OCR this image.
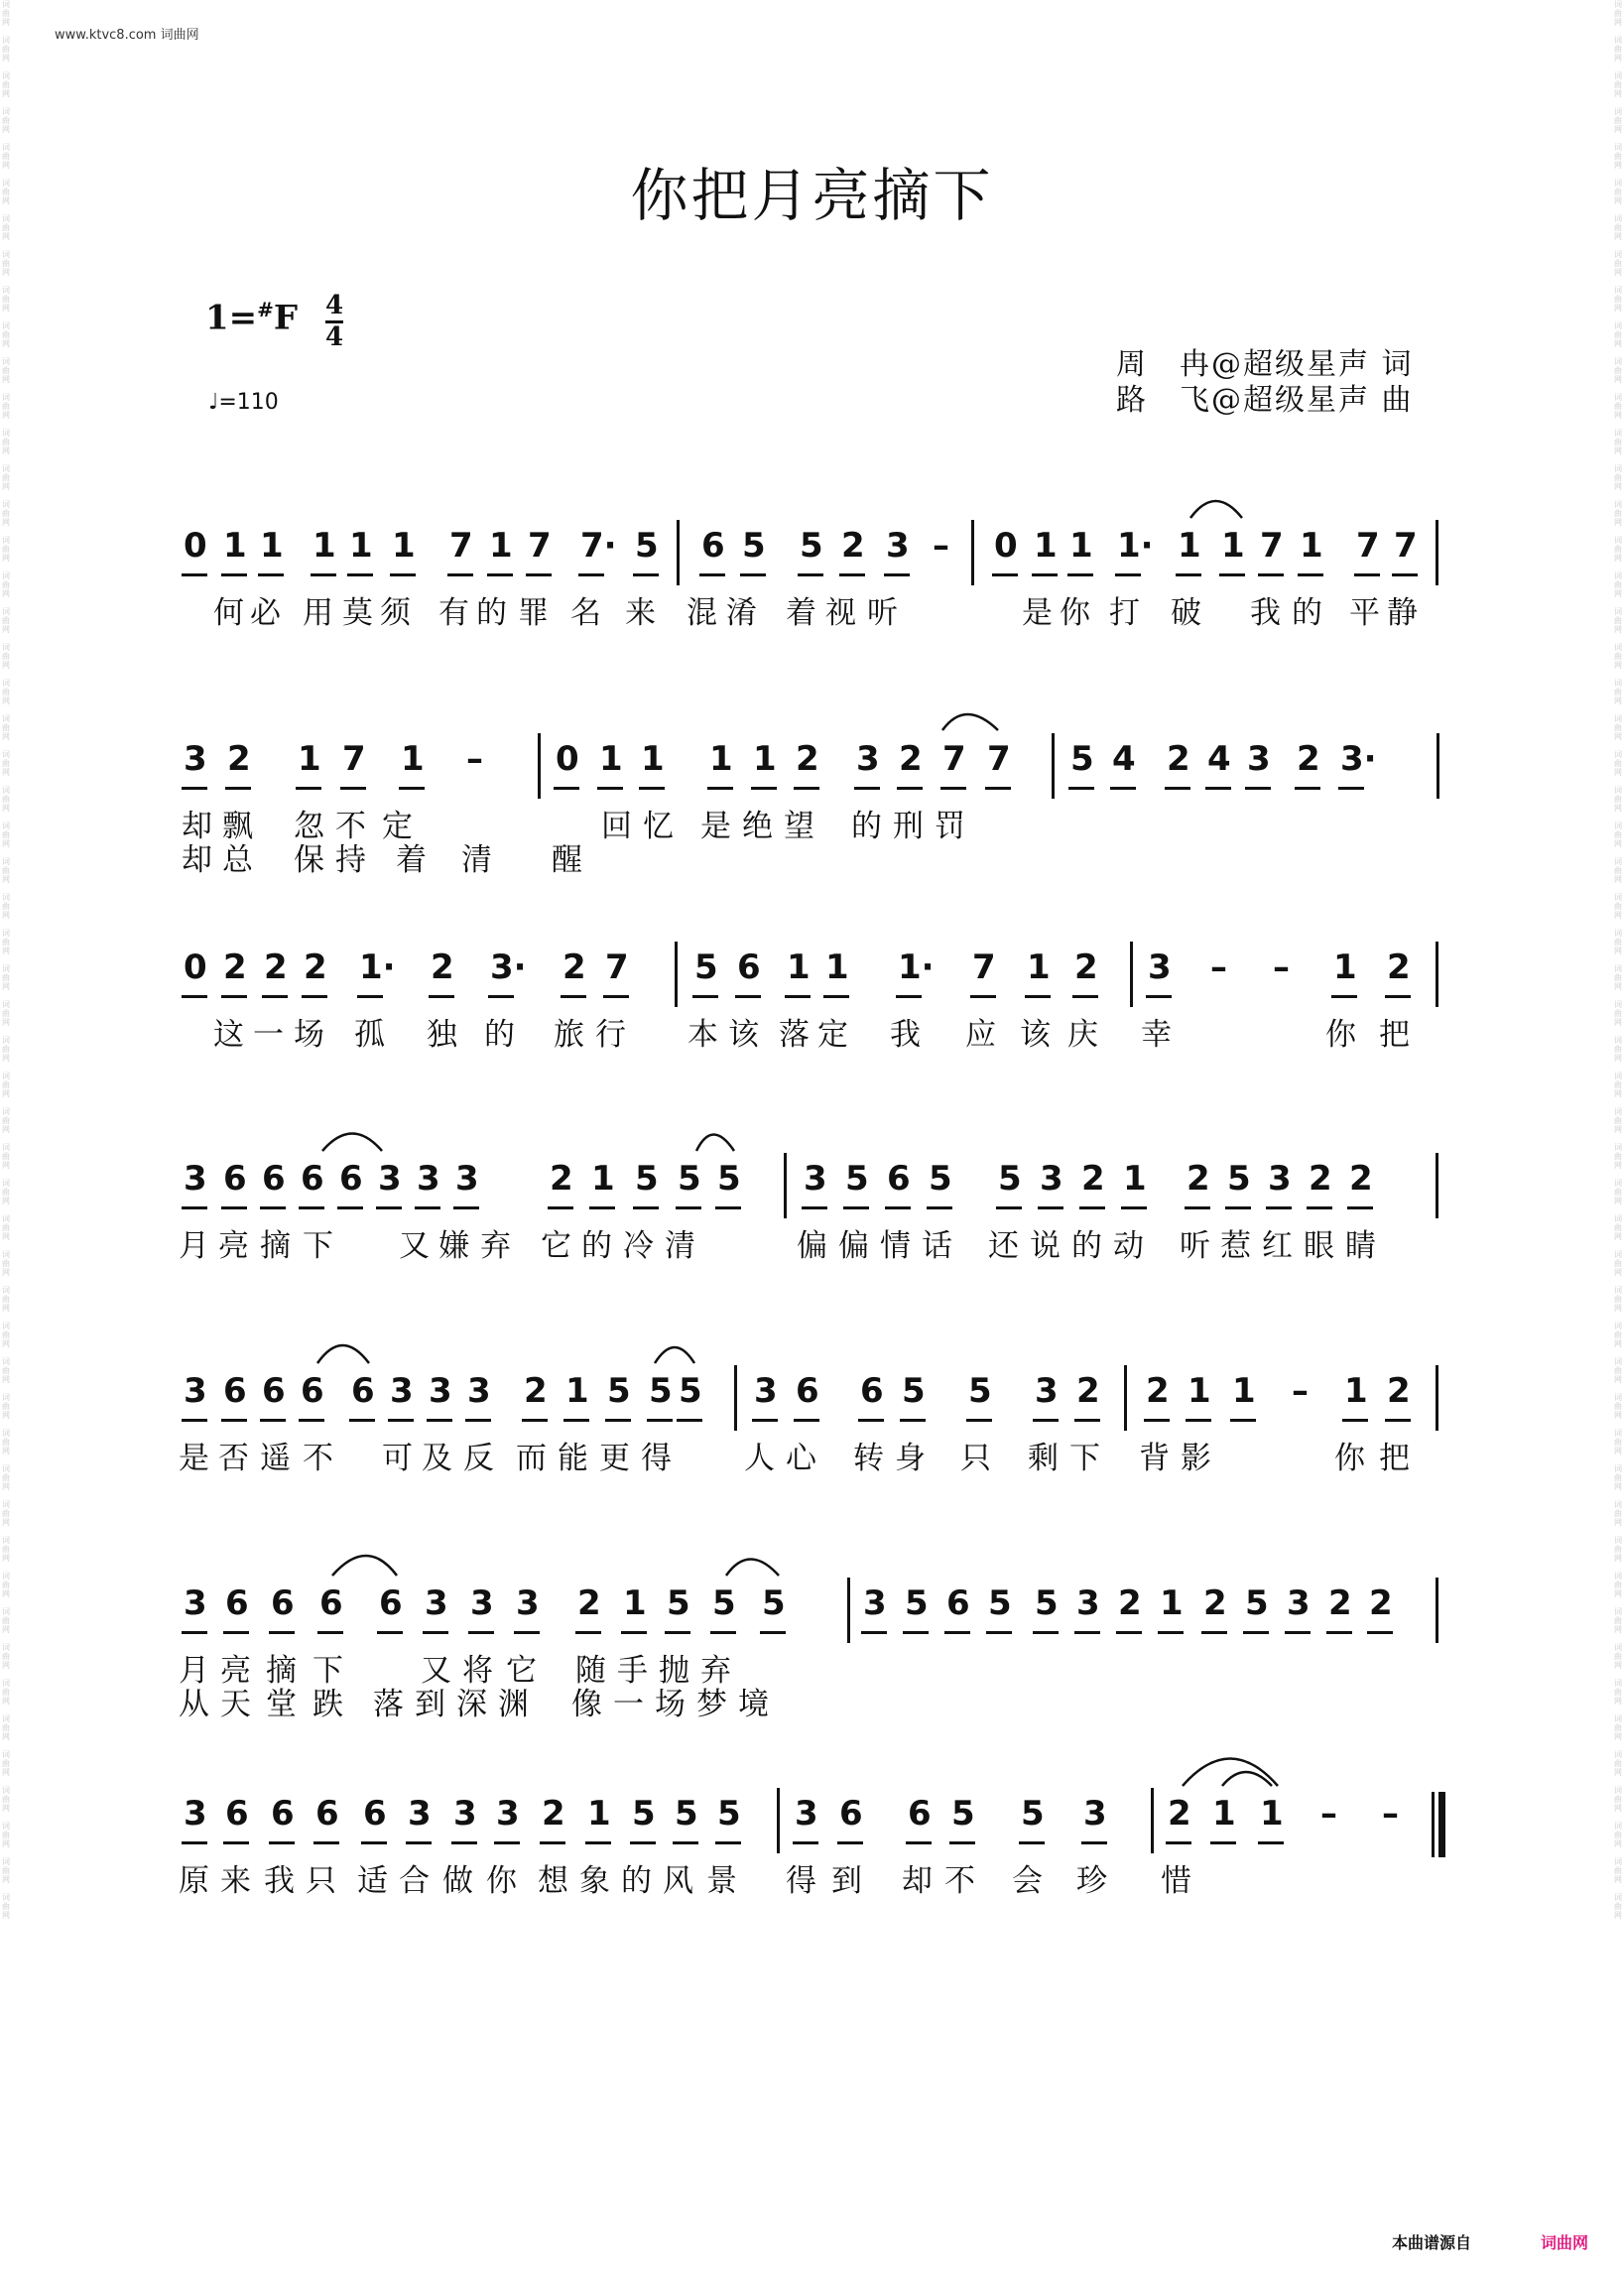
www.ktvc8.com 词曲网
词
曲
网

词
曲
网

词
曲
网

词
曲
网

词
曲
网

词
曲
网

词
曲
网

词
曲
网

词
曲
网

词
曲
网

词
曲
网

词
曲
网

词
曲
网

词
曲
网

词
曲
网

词
曲
网

词
曲
网

词
曲
网

词
曲
网

词
曲
网

词
曲
网

词
曲
网

词
曲
网

词
曲
网

词
曲
网

词
曲
网

词
曲
网

词
曲
网

词
曲
网

词
曲
网

词
曲
网

词
曲
网

词
曲
网

词
曲
网

词
曲
网

词
曲
网

词
曲
网

词
曲
网

词
曲
网

词
曲
网

词
曲
网

词
曲
网

词
曲
网

词
曲
网

词
曲
网

词
曲
网

词
曲
网

词
曲
网

词
曲
网

词
曲
网

词
曲
网

词
曲
网

词
曲
网

词
曲
网

词
曲
网

词
曲
网

词
曲
网

词
曲
网

词
曲
网

词
曲
网

词
曲
网

词
曲
网

词
曲
网

词
曲
网

词
曲
网

词
曲
网

词
曲
网

词
曲
网

词
曲
网

词
曲
网

词
曲
网

词
曲
网

词
曲
网

词
曲
网

词
曲
网

词
曲
网

词
曲
网

词
曲
网

词
曲
网

词
曲
网

词
曲
网

词
曲
网

词
曲
网

词
曲
网

词
曲
网

词
曲
网

词
曲
网

词
曲
网

词
曲
网

词
曲
网

词
曲
网

词
曲
网

词
曲
网

词
曲
网

词
曲
网

词
曲
网

词
曲
网

词
曲
网

词
曲
网

词
曲
网

词
曲
网

词
曲
网

词
曲
网

词
曲
网

词
曲
网

词
曲
网

词
曲
网

词
曲
网

你把月亮摘下
1=#F 4
4
♩=110
周　冉@超级星声 词
路　飞@超级星声 曲
0 1 1 1 1 1 7 1 7 7· 5 6 5 5 2 3 – 0 1 1 1· 1 1 7 1 7 7
何 必 用 莫 须 有 的 罪 名 来 混 淆 着 视 听	是 你 打 破 我 的 平 静
3 2 1 7 1 – 0 1 1 1 1 2 3 2 7 7 5 4 2 4 3 2 3·
却 飘 忽 不 定	回 忆 是 绝 望 的 刑 罚
却 总 保 持 着 清 醒
0 2 2 2 1· 2 3· 2 7 5 6 1 1 1· 7 1 2 3 – – 1 2
这 一 场 孤 独 的 旅 行 本 该 落 定 我 应 该 庆 幸	你 把
3 6 6 6 6 3 3 3 2 1 5 5 5 3 5 6 5 5 3 2 1 2 5 3 2 2
月 亮 摘 下 又 嫌 弃 它 的 冷 清	偏 偏 情 话 还 说 的 动 听 惹 红 眼 睛
3 6 6 6 6 3 3 3 2 1 5 5 5 3 6 6 5 5 3 2 2 1 1 – 1 2
是 否 遥 不 可 及 反 而 能 更 得 人 心 转 身 只 剩 下 背 影	你 把
3 6 6 6 6 3 3 3 2 1 5 5 5 3 5 6 5 5 3 2 1 2 5 3 2 2
月 亮 摘 下	又 将 它 随 手 抛 弃
从 天 堂 跌 落 到 深 渊 像 一 场 梦 境
3 6 6 6 6 3 3 3 2 1 5 5 5 3 6 6 5 5 3 2 1 1 – –
原 来 我 只 适 合 做 你 想 象 的 风 景 得 到 却 不 会 珍 惜
本曲谱源自	词曲网
